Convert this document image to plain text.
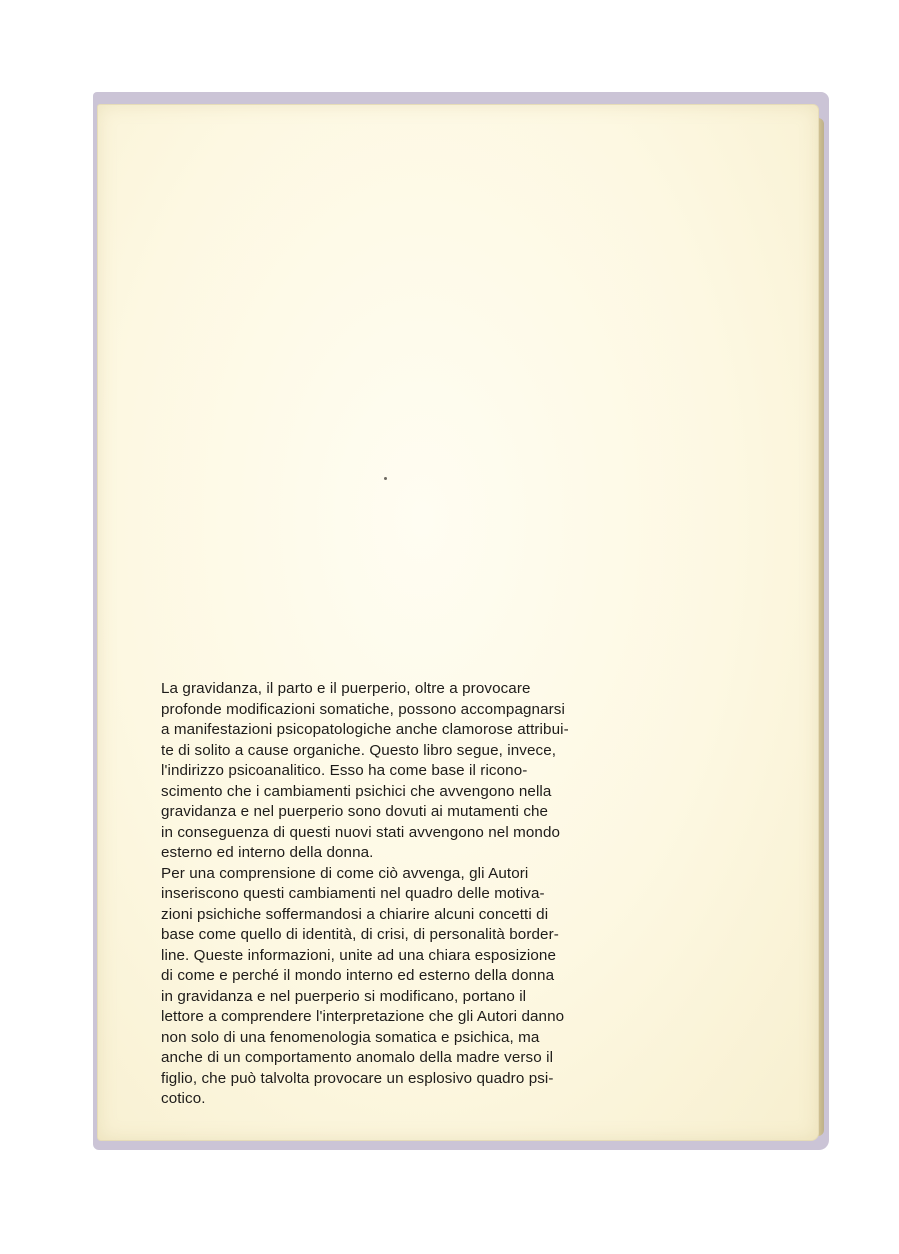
La gravidanza, il parto e il puerperio, oltre a provocare
profonde modificazioni somatiche, possono accompagnarsi
a manifestazioni psicopatologiche anche clamorose attribui-
te di solito a cause organiche. Questo libro segue, invece,
l'indirizzo psicoanalitico. Esso ha come base il ricono-
scimento che i cambiamenti psichici che avvengono nella
gravidanza e nel puerperio sono dovuti ai mutamenti che
in conseguenza di questi nuovi stati avvengono nel mondo
esterno ed interno della donna.
Per una comprensione di come ciò avvenga, gli Autori
inseriscono questi cambiamenti nel quadro delle motiva-
zioni psichiche soffermandosi a chiarire alcuni concetti di
base come quello di identità, di crisi, di personalità border-
line. Queste informazioni, unite ad una chiara esposizione
di come e perché il mondo interno ed esterno della donna
in gravidanza e nel puerperio si modificano, portano il
lettore a comprendere l'interpretazione che gli Autori danno
non solo di una fenomenologia somatica e psichica, ma
anche di un comportamento anomalo della madre verso il
figlio, che può talvolta provocare un esplosivo quadro psi-
cotico.
